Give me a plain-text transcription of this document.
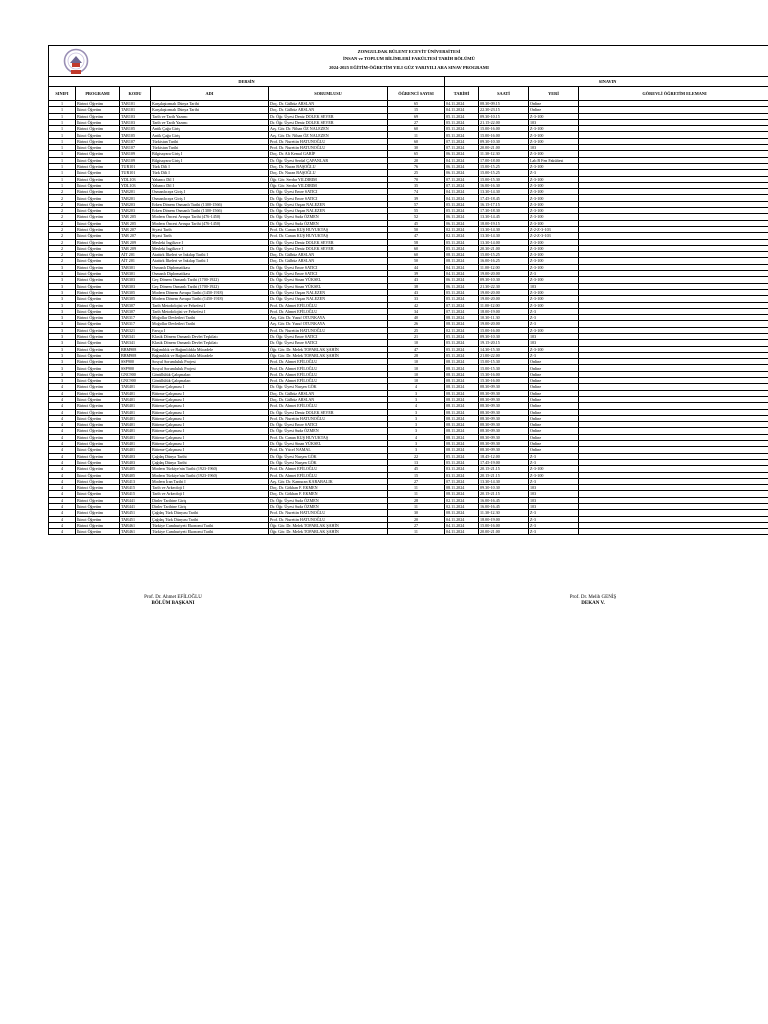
ZONGULDAK BÜLENT ECEVİT ÜNİVERSİTESİ
İNSAN ve TOPLUM BİLİMLERİ FAKÜLTESİ TARİH BÖLÜMÜ
2024-2025 EĞİTİM-ÖĞRETİM YILI GÜZ YARIYILI ARA SINAV PROGRAMI
DERSİN						SINAVIN			
SINIFI	PROGRAMI	KODU	ADI	SORUMLUSU	ÖĞRENCİ SAYISI	TARİHİ	SAATİ	YERİ	GÖREVLİ ÖĞRETİM ELEMANI
1	Birinci Öğretim	TAR101	Karşılaştırmalı Dünya Tarihi	Doç. Dr. Gülbüz ARSLAN	65	04.11.2024	08.30-09.15	Online	
1	İkinci Öğretim	TAR101	Karşılaştırmalı Dünya Tarihi	Doç. Dr. Gülbüz ARSLAN	15	04.11.2024	22.30-23.15	Online	
1	Birinci Öğretim	TAR103	Tarih ve Tarih Yazımı	Dr. Öğr. Üyesi Deniz DOLEK SEVER	69	05.11.2024	09.30-10.15	Z-3-100	
1	İkinci Öğretim	TAR103	Tarih ve Tarih Yazımı	Dr. Öğr. Üyesi Deniz DOLEK SEVER	27	05.11.2024	21.15-22.00	103	
1	Birinci Öğretim	TAR105	Antik Çağa Giriş	Arş. Gör. Dr. Nihan ÖZ NALEZEN	60	05.11.2024	15.00-16.00	Z-3-100	
1	İkinci Öğretim	TAR105	Antik Çağa Giriş	Arş. Gör. Dr. Nihan ÖZ NALEZEN	11	05.11.2024	15.00-16.00	Z-3-100	
1	Birinci Öğretim	TAR107	Türkistan Tarihi	Prof. Dr. Nurettin HATUNOĞLU	60	07.11.2024	09.30-10.30	Z-3-100	
1	İkinci Öğretim	TAR107	Türkistan Tarihi	Prof. Dr. Nurettin HATUNOĞLU	30	07.11.2024	20.00-21.00	103	
1	Birinci Öğretim	TAR109	Bilgisayara Giriş I	Doç. Dr. Ali Kemal GARİP	65	06.11.2024	11.30-12.30	Z-3-100	
1	İkinci Öğretim	TAR109	Bilgisayara Giriş I	Dr. Öğr. Üyesi Serdal ÇAPANLAR	20	04.11.2024	17.00-18.00	Lab B Fen Fakültesi	
1	Birinci Öğretim	TUR101	Türk Dili I	Doç. Dr. Nuran BAŞOĞLU	76	06.11.2024	15.00-15.25	Z-3-100	
1	İkinci Öğretim	TUR101	Türk Dili I	Doç. Dr. Nuran BAŞOĞLU	25	06.11.2024	15.00-15.25	Z-3	
1	Birinci Öğretim	YDL103	Yabancı Dil I	Öğr. Gör. Serdar YILDIRIM	70	07.11.2024	15.00-15.30	Z-3-100	
1	İkinci Öğretim	YDL103	Yabancı Dil I	Öğr. Gör. Serdar YILDIRIM	35	07.11.2024	16.00-16.30	Z-3-100	
2	Birinci Öğretim	TAR201	Osmanlıcaya Giriş I	Dr. Öğr. Üyesi Emre SATICI	74	04.11.2024	13.30-14.30	Z-3-100	
2	İkinci Öğretim	TAR201	Osmanlıcaya Giriş I	Dr. Öğr. Üyesi Emre SATICI	39	04.11.2024	17.45-18.45	Z-3-100	
2	Birinci Öğretim	TAR203	Erken Dönem Osmanlı Tarihi (1300-1566)	Dr. Öğr. Üyesi Ozşan NALEZEN	57	05.11.2024	16.15-17.15	Z-3-100	
2	İkinci Öğretim	TAR203	Erken Dönem Osmanlı Tarihi (1300-1566)	Dr. Öğr. Üyesi Ozşan NALEZEN	55	05.11.2024	17.30-18.30	Z-3-100	
2	Birinci Öğretim	TAR 205	Modern Öncesi Avrupa Tarihi (476-1450)	Dr. Öğr. Üyesi Suda ÖZMEN	52	06.11.2024	13.30-14.45	Z-3-100	
2	İkinci Öğretim	TAR 205	Modern Öncesi Avrupa Tarihi (476-1450)	Dr. Öğr. Üyesi Suda ÖZMEN	45	06.11.2024	18.00-19.15	Z-3-100	
2	Birinci Öğretim	TAR 207	Siyasi Tarih	Prof. Dr. Canan KUŞ HUYUKTAŞ	50	02.11.2024	13.30-14.30	Z-2-Z-3-103	
2	İkinci Öğretim	TAR 207	Siyasi Tarih	Prof. Dr. Canan KUŞ HUYUKTAŞ	47	02.11.2024	13.30-14.30	Z-2-Z-3-103	
2	Birinci Öğretim	TAR 209	Mesleki İngilizce I	Dr. Öğr. Üyesi Deniz DOLEK SEVER	58	05.11.2024	13.30-14.00	Z-3-100	
2	İkinci Öğretim	TAR 209	Mesleki İngilizce I	Dr. Öğr. Üyesi Deniz DOLEK SEVER	60	05.11.2024	20.30-21.00	Z-3-100	
2	Birinci Öğretim	AİT 201	Atatürk İlkeleri ve İnkılap Tarihi I	Doç. Dr. Gülbüz ARSLAN	60	08.11.2024	15.00-15.25	Z-3-100	
2	İkinci Öğretim	AİT 201	Atatürk İlkeleri ve İnkılap Tarihi I	Doç. Dr. Gülbüz ARSLAN	50	08.11.2024	16.00-16.25	Z-3-100	
3	Birinci Öğretim	TAR301	Osmanlı Diplomatikası	Dr. Öğr. Üyesi Emre SATICI	44	04.11.2024	11.00-12.00	Z-3-100	
3	İkinci Öğretim	TAR301	Osmanlı Diplomatikası	Dr. Öğr. Üyesi Emre SATICI	39	04.11.2024	19.00-20.00	Z-3	
3	Birinci Öğretim	TAR303	Geç Dönem Osmanlı Tarihi (1700-1922)	Dr. Öğr. Üyesi Sinan YÜKSEL	43	06.11.2024	09.30-10.30	Z-3-100	
3	İkinci Öğretim	TAR303	Geç Dönem Osmanlı Tarihi (1700-1922)	Dr. Öğr. Üyesi Sinan YÜKSEL	38	06.11.2024	21.30-22.30	103	
3	Birinci Öğretim	TAR305	Modern Dönem Avrupa Tarihi (1450-1918)	Dr. Öğr. Üyesi Ozşan NALEZEN	43	05.11.2024	19.00-20.00	Z-3-100	
3	İkinci Öğretim	TAR305	Modern Dönem Avrupa Tarihi (1450-1918)	Dr. Öğr. Üyesi Ozşan NALEZEN	33	05.11.2024	19.00-20.00	Z-3-100	
3	Birinci Öğretim	TAR307	Tarih Metodolojisi ve Felsefesi I	Prof. Dr. Ahmet EFİLOĞLU	42	07.11.2024	11.00-12.00	Z-3-100	
3	İkinci Öğretim	TAR307	Tarih Metodolojisi ve Felsefesi I	Prof. Dr. Ahmet EFİLOĞLU	34	07.11.2024	18.00-19.00	Z-3	
3	Birinci Öğretim	TAR317	Moğollar Devletleri Tarihi	Arş. Gör. Dr. Yusuf OTUNKAYA	40	08.11.2024	10.30-11.30	Z-3	
3	İkinci Öğretim	TAR317	Moğollar Devletleri Tarihi	Arş. Gör. Dr. Yusuf OTUNKAYA	26	08.11.2024	19.00-20.00	Z-3	
3	Birinci Öğretim	TAR321	Farsça I	Prof. Dr. Nurettin HATUNOĞLU	25	02.11.2024	15.00-16.00	Z-3-100	
3	Birinci Öğretim	TAR341	Klasik Dönem Osmanlı Devlet Teşkilatı	Dr. Öğr. Üyesi Emre SATICI	21	05.11.2024	09.30-10.30	103	
3	İkinci Öğretim	TAR341	Klasik Dönem Osmanlı Devlet Teşkilatı	Dr. Öğr. Üyesi Emre SATICI	10	05.11.2024	19.15-20.15	103	
3	Birinci Öğretim	BBM908	Bağımlılık ve Bağımlılıkla Mücadele	Öğr. Gör. Dr. Melek TOPARLAK ŞAHİN	47	05.11.2024	14.30-15.30	Z-3-100	
3	İkinci Öğretim	BBM908	Bağımlılık ve Bağımlılıkla Mücadele	Öğr. Gör. Dr. Melek TOPARLAK ŞAHİN	28	05.11.2024	21.00-22.00	Z-3	
3	Birinci Öğretim	SSP900	Sosyal Sorumluluk Projesi	Prof. Dr. Ahmet EFİLOĞLU	10	08.11.2024	15.00-15.30	Online	
3	İkinci Öğretim	SSP900	Sosyal Sorumluluk Projesi	Prof. Dr. Ahmet EFİLOĞLU	10	08.11.2024	15.00-15.30	Online	
3	Birinci Öğretim	GNC900	Gönüllülük Çalışmaları	Prof. Dr. Ahmet EFİLOĞLU	10	08.11.2024	15.30-16.00	Online	
3	İkinci Öğretim	GNC900	Gönüllülük Çalışmaları	Prof. Dr. Ahmet EFİLOĞLU	10	08.11.2024	15.30-16.00	Online	
4	Birinci Öğretim	TAR401	Bitirme Çalışması I	Dr. Öğr. Üyesi Nurşen GÖK	4	08.11.2024	08.30-09.30	Online	
4	Birinci Öğretim	TAR401	Bitirme Çalışması I	Doç. Dr. Gülbüz ARSLAN	3	08.11.2024	08.30-09.30	Online	
4	İkinci Öğretim	TAR401	Bitirme Çalışması I	Doç. Dr. Gülbüz ARSLAN	3	08.11.2024	08.30-09.30	Online	
4	Birinci Öğretim	TAR401	Bitirme Çalışması I	Prof. Dr. Ahmet EFİLOĞLU	4	08.11.2024	08.30-09.30	Online	
4	Birinci Öğretim	TAR401	Bitirme Çalışması I	Dr. Öğr. Üyesi Deniz DOLEK SEVER	3	08.11.2024	08.30-09.30	Online	
4	İkinci Öğretim	TAR401	Bitirme Çalışması I	Prof. Dr. Nurettin HATUNOĞLU	3	08.11.2024	08.30-09.30	Online	
4	Birinci Öğretim	TAR401	Bitirme Çalışması I	Dr. Öğr. Üyesi Emre SATICI	3	08.11.2024	08.30-09.30	Online	
4	Birinci Öğretim	TAR401	Bitirme Çalışması I	Dr. Öğr. Üyesi Suda ÖZMEN	3	08.11.2024	08.30-09.30	Online	
4	Birinci Öğretim	TAR401	Bitirme Çalışması I	Prof. Dr. Canan KUŞ HUYUKTAŞ	4	08.11.2024	08.30-09.30	Online	
4	Birinci Öğretim	TAR401	Bitirme Çalışması I	Dr. Öğr. Üyesi Sinan YÜKSEL	3	08.11.2024	08.30-09.30	Online	
4	İkinci Öğretim	TAR401	Bitirme Çalışması I	Prof. Dr. Yücel NAMAL	3	08.11.2024	08.30-09.30	Online	
4	Birinci Öğretim	TAR403	Çağdaş Dünya Tarihi	Dr. Öğr. Üyesi Nurşen GÖK	22	05.11.2024	18.45-12.00	Z-3	
4	İkinci Öğretim	TAR403	Çağdaş Dünya Tarihi	Dr. Öğr. Üyesi Nurşen GÖK	13	05.11.2024	17.45-19.00	Z-3	
4	Birinci Öğretim	TAR405	Modern Türkiye'nin Tarihi (1923-1960)	Prof. Dr. Ahmet EFİLOĞLU	45	03.11.2024	20.15-21.15	Z-3-100	
4	İkinci Öğretim	TAR405	Modern Türkiye'nin Tarihi (1923-1960)	Prof. Dr. Ahmet EFİLOĞLU	15	03.11.2024	20.15-21.15	Z-3-100	
4	Birinci Öğretim	TAR413	Modern İran Tarihi I	Arş. Gör. Dr. Kamuran KARABALIK	27	07.11.2024	13.30-14.30	Z-3	
4	Birinci Öğretim	TAR415	Tarih ve Arkeoloji I	Doç. Dr. Gökhan F. EKMEN	11	08.11.2024	09.30-10.30	103	
4	İkinci Öğretim	TAR415	Tarih ve Arkeoloji I	Doç. Dr. Gökhan F. EKMEN	11	08.11.2024	20.15-21.15	103	
4	Birinci Öğretim	TAR441	Dinler Tarihine Giriş	Dr. Öğr. Üyesi Suda ÖZMEN	28	02.11.2024	16.00-16.45	103	
4	İkinci Öğretim	TAR441	Dinler Tarihine Giriş	Dr. Öğr. Üyesi Suda ÖZMEN	11	02.11.2024	16.00-16.45	103	
4	Birinci Öğretim	TAR451	Çağdaş Türk Dünyası Tarihi	Prof. Dr. Nurettin HATUNOĞLU	30	08.11.2024	11.30-12.30	Z-3	
4	İkinci Öğretim	TAR451	Çağdaş Türk Dünyası Tarihi	Prof. Dr. Nurettin HATUNOĞLU	20	04.11.2024	18.00-19.00	Z-3	
4	Birinci Öğretim	TAR461	Türkiye Cumhuriyeti Ekonomi Tarihi	Öğr. Gör. Dr. Melek TOPARLAK ŞAHİN	27	04.11.2024	15.00-16.00	Z-3	
4	İkinci Öğretim	TAR461	Türkiye Cumhuriyeti Ekonomi Tarihi	Öğr. Gör. Dr. Melek TOPARLAK ŞAHİN	11	04.11.2024	20.00-21.00	Z-3	
Prof. Dr. Ahmet EFİLOĞLU
BÖLÜM BAŞKANI
Prof. Dr. Melih GENİŞ
DEKAN V.
